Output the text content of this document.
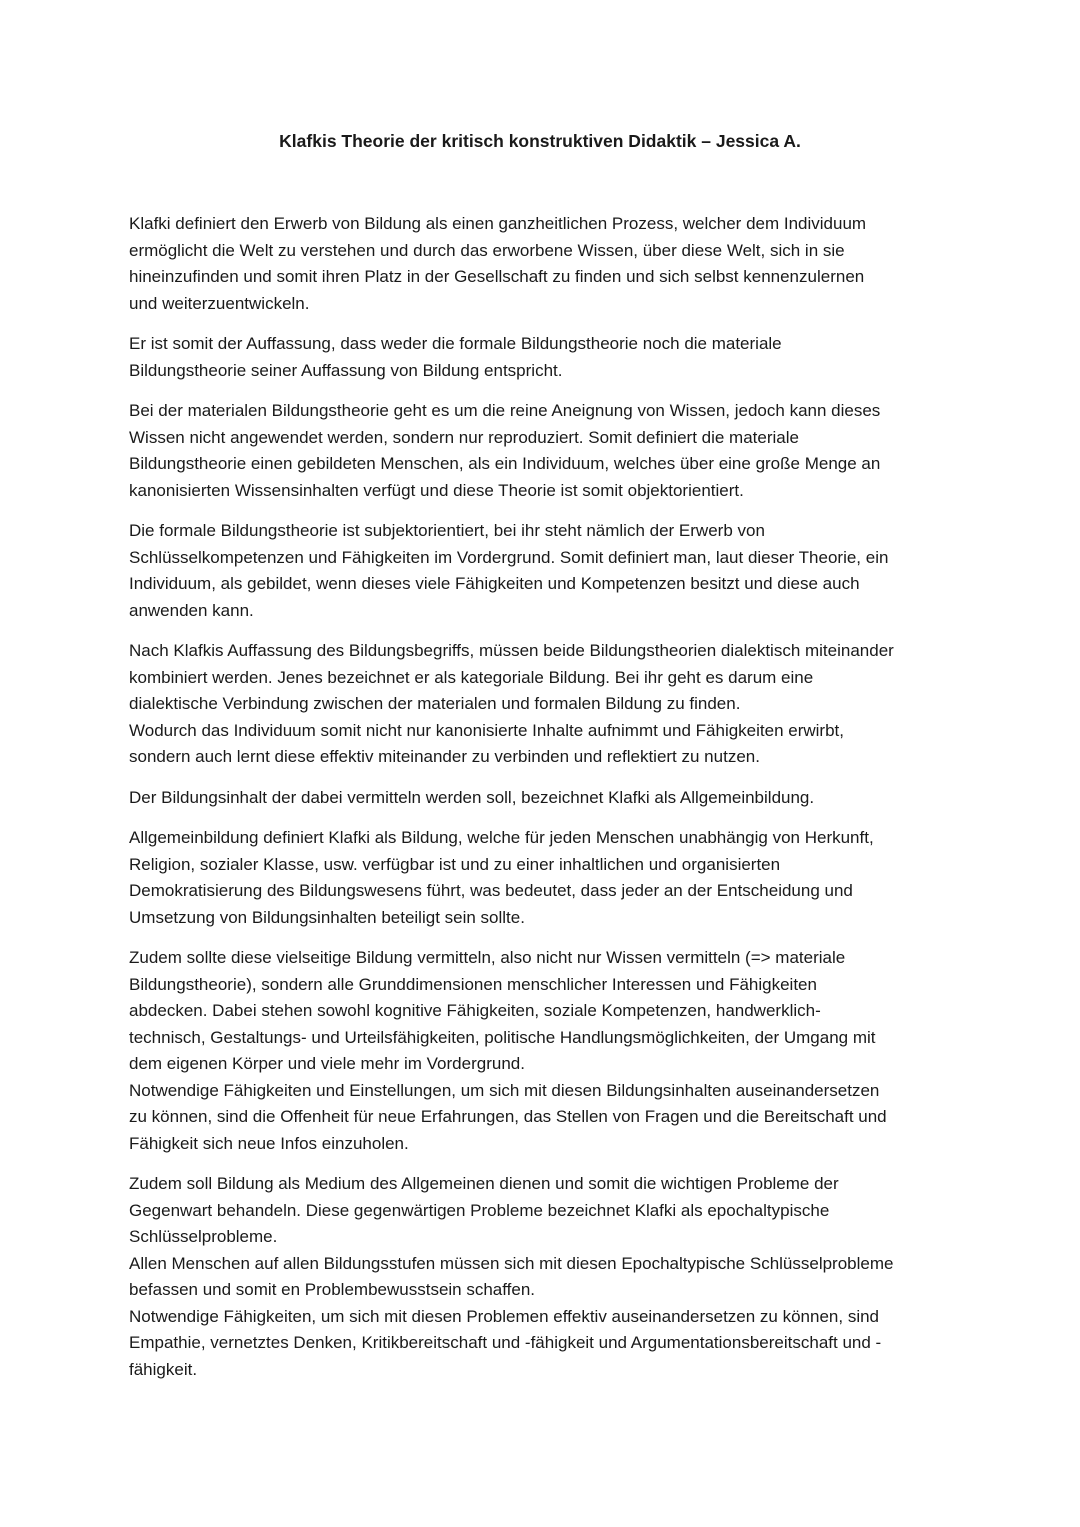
Klafkis Theorie der kritisch konstruktiven Didaktik – Jessica A.

Klafki definiert den Erwerb von Bildung als einen ganzheitlichen Prozess, welcher dem Individuum
ermöglicht die Welt zu verstehen und durch das erworbene Wissen, über diese Welt, sich in sie
hineinzufinden und somit ihren Platz in der Gesellschaft zu finden und sich selbst kennenzulernen
und weiterzuentwickeln.

Er ist somit der Auffassung, dass weder die formale Bildungstheorie noch die materiale
Bildungstheorie seiner Auffassung von Bildung entspricht.

Bei der materialen Bildungstheorie geht es um die reine Aneignung von Wissen, jedoch kann dieses
Wissen nicht angewendet werden, sondern nur reproduziert. Somit definiert die materiale
Bildungstheorie einen gebildeten Menschen, als ein Individuum, welches über eine große Menge an
kanonisierten Wissensinhalten verfügt und diese Theorie ist somit objektorientiert.

Die formale Bildungstheorie ist subjektorientiert, bei ihr steht nämlich der Erwerb von
Schlüsselkompetenzen und Fähigkeiten im Vordergrund. Somit definiert man, laut dieser Theorie, ein
Individuum, als gebildet, wenn dieses viele Fähigkeiten und Kompetenzen besitzt und diese auch
anwenden kann.

Nach Klafkis Auffassung des Bildungsbegriffs, müssen beide Bildungstheorien dialektisch miteinander
kombiniert werden. Jenes bezeichnet er als kategoriale Bildung. Bei ihr geht es darum eine
dialektische Verbindung zwischen der materialen und formalen Bildung zu finden.
Wodurch das Individuum somit nicht nur kanonisierte Inhalte aufnimmt und Fähigkeiten erwirbt,
sondern auch lernt diese effektiv miteinander zu verbinden und reflektiert zu nutzen.

Der Bildungsinhalt der dabei vermitteln werden soll, bezeichnet Klafki als Allgemeinbildung.

Allgemeinbildung definiert Klafki als Bildung, welche für jeden Menschen unabhängig von Herkunft,
Religion, sozialer Klasse, usw. verfügbar ist und zu einer inhaltlichen und organisierten
Demokratisierung des Bildungswesens führt, was bedeutet, dass jeder an der Entscheidung und
Umsetzung von Bildungsinhalten beteiligt sein sollte.

Zudem sollte diese vielseitige Bildung vermitteln, also nicht nur Wissen vermitteln (=> materiale
Bildungstheorie), sondern alle Grunddimensionen menschlicher Interessen und Fähigkeiten
abdecken. Dabei stehen sowohl kognitive Fähigkeiten, soziale Kompetenzen, handwerklich-
technisch, Gestaltungs- und Urteilsfähigkeiten, politische Handlungsmöglichkeiten, der Umgang mit
dem eigenen Körper und viele mehr im Vordergrund.
Notwendige Fähigkeiten und Einstellungen, um sich mit diesen Bildungsinhalten auseinandersetzen
zu können, sind die Offenheit für neue Erfahrungen, das Stellen von Fragen und die Bereitschaft und
Fähigkeit sich neue Infos einzuholen.

Zudem soll Bildung als Medium des Allgemeinen dienen und somit die wichtigen Probleme der
Gegenwart behandeln. Diese gegenwärtigen Probleme bezeichnet Klafki als epochaltypische
Schlüsselprobleme.
Allen Menschen auf allen Bildungsstufen müssen sich mit diesen Epochaltypische Schlüsselprobleme
befassen und somit en Problembewusstsein schaffen.
Notwendige Fähigkeiten, um sich mit diesen Problemen effektiv auseinandersetzen zu können, sind
Empathie, vernetztes Denken, Kritikbereitschaft und -fähigkeit und Argumentationsbereitschaft und -
fähigkeit.
